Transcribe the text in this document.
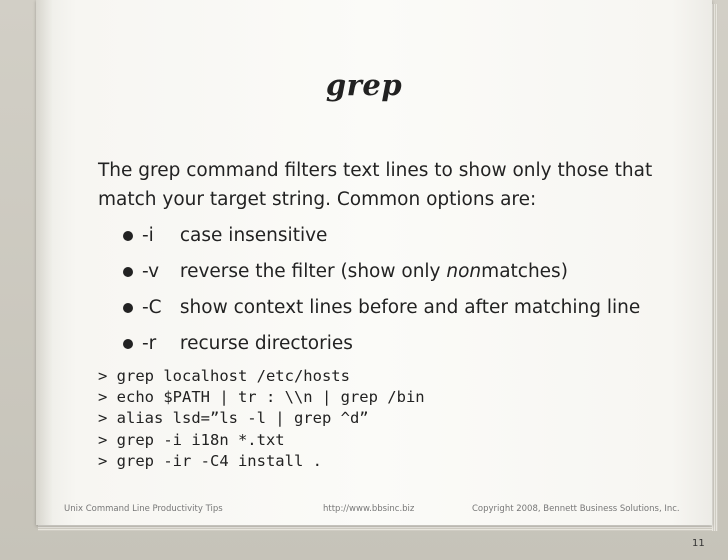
grep
The grep command filters text lines to show only those that match your target string. Common options are:
-i case insensitive
-v reverse the filter (show only nonmatches)
-C show context lines before and after matching line
-r recurse directories
> grep localhost /etc/hosts
> echo $PATH | tr : \\n | grep /bin
> alias lsd=”ls -l | grep ^d”
> grep -i i18n *.txt
> grep -ir -C4 install .
Unix Command Line Productivity Tips	http://www.bbsinc.biz	Copyright 2008, Bennett Business Solutions, Inc.
11
